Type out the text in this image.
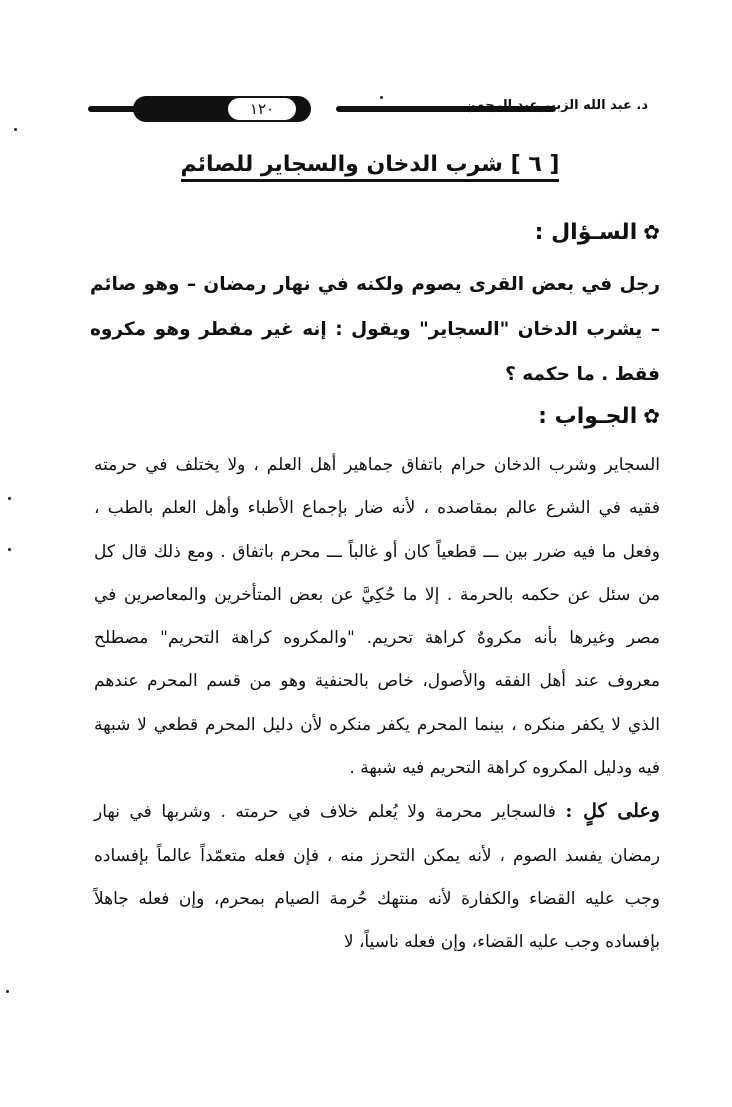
١٢٠	د. عبد الله الزبير عبد الرحمن
[ ٦ ] شرب الدخان والسجاير للصائم
✿السـؤال :
رجل في بعض القرى يصوم ولكنه في نهار رمضان – وهو صائم – يشرب الدخان "السجاير" ويقول : إنه غير مفطر وهو مكروه فقط . ما حكمه ؟
✿الجـواب :

السجاير وشرب الدخان حرام باتفاق جماهير أهل العلم ، ولا يختلف في حرمته فقيه في الشرع عالم بمقاصده ، لأنه ضار بإجماع الأطباء وأهل العلم بالطب ، وفعل ما فيه ضرر بين ـــ قطعياً كان أو غالباً ـــ محرم باتفاق . ومع ذلك قال كل من سئل عن حكمه بالحرمة . إلا ما حُكِيَّ عن بعض المتأخرين والمعاصرين في مصر وغيرها بأنه مكروهٌ كراهة تحريم. "والمكروه كراهة التحريم" مصطلح معروف عند أهل الفقه والأصول، خاص بالحنفية وهو من قسم المحرم عندهم الذي لا يكفر منكره ، بينما المحرم يكفر منكره لأن دليل المحرم قطعي لا شبهة فيه ودليل المكروه كراهة التحريم فيه شبهة .

وعلى كلٍ : فالسجاير محرمة ولا يُعلم خلاف في حرمته . وشربها في نهار رمضان يفسد الصوم ، لأنه يمكن التحرز منه ، فإن فعله متعمّداً عالماً بإفساده وجب عليه القضاء والكفارة لأنه منتهك حُرمة الصيام بمحرم، وإن فعله جاهلاً بإفساده وجب عليه القضاء، وإن فعله ناسياً، لا
